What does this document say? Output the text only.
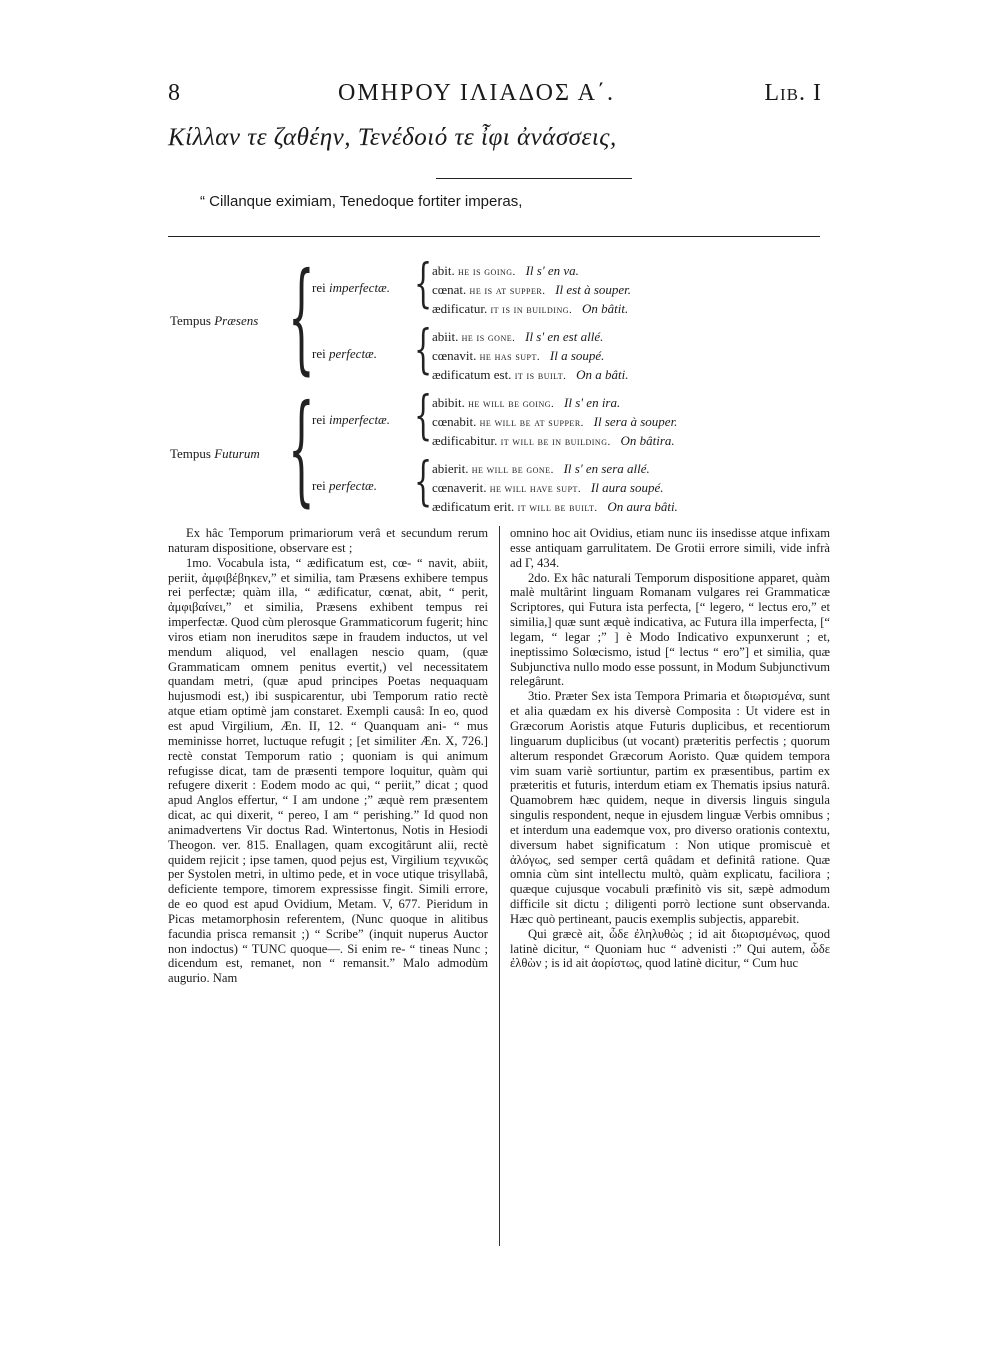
8	ΟΜΗΡΟΥ ΙΛΙΑΔΟΣ Α΄.	Lib. I
Κίλλαν τε ζαθέην, Τενέδοιό τε ἶφι ἀνάσσεις,
“ Cillanque eximiam, Tenedoque fortiter imperas,
Tempus Præsens {
rei imperfectæ. { abit. he is going. Il s' en va.
cœnat. he is at supper. Il est à souper.
ædificatur. it is in building. On bâtit.
rei perfectæ. { abiit. he is gone. Il s' en est allé.
cœnavit. he has supt. Il a soupé.
ædificatum est. it is built. On a bâti.
Tempus Futurum {
rei imperfectæ. { abibit. he will be going. Il s' en ira.
cœnabit. he will be at supper. Il sera à souper.
ædificabitur. it will be in building. On bâtira.
rei perfectæ. { abierit. he will be gone. Il s' en sera allé.
cœnaverit. he will have supt. Il aura soupé.
ædificatum erit. it will be built. On aura bâti.

Ex hâc Temporum primariorum verâ et secundum rerum naturam dispositione, observare est ;

1mo. Vocabula ista, “ ædificatum est, cœ- “ navit, abiit, periit, ἀμφιβέβηκεν,” et similia, tam Præsens exhibere tempus rei perfectæ; quàm illa, “ ædificatur, cœnat, abit, “ perit, ἀμφιβαίνει,” et similia, Præsens exhibent tempus rei imperfectæ. Quod cùm plerosque Grammaticorum fugerit; hinc viros etiam non ineruditos sæpe in fraudem inductos, ut vel mendum aliquod, vel enallagen nescio quam, (quæ Grammaticam omnem penitus evertit,) vel necessitatem quandam metri, (quæ apud principes Poetas nequaquam hujusmodi est,) ibi suspicarentur, ubi Temporum ratio rectè atque etiam optimè jam constaret. Exempli causâ: In eo, quod est apud Virgilium, Æn. II, 12. “ Quanquam ani- “ mus meminisse horret, luctuque refugit ; [et similiter Æn. X, 726.] rectè constat Temporum ratio ; quoniam is qui animum refugisse dicat, tam de præsenti tempore loquitur, quàm qui refugere dixerit : Eodem modo ac qui, “ periit,” dicat ; quod apud Anglos effertur, “ I am undone ;” æquè rem præsentem dicat, ac qui dixerit, “ pereo, I am “ perishing.” Id quod non animadvertens Vir doctus Rad. Wintertonus, Notis in Hesiodi Theogon. ver. 815. Enallagen, quam excogitârunt alii, rectè quidem rejicit ; ipse tamen, quod pejus est, Virgilium τεχνικῶς per Systolen metri, in ultimo pede, et in voce utique trisyllabâ, deficiente tempore, timorem expressisse fingit. Simili errore, de eo quod est apud Ovidium, Metam. V, 677. Pieridum in Picas metamorphosin referentem, (Nunc quoque in alitibus facundia prisca remansit ;) “ Scribe” (inquit nuperus Auctor non indoctus) “ TUNC quoque—. Si enim re- “ tineas Nunc ; dicendum est, remanet, non “ remansit.” Malo admodùm augurio. Nam

omnino hoc ait Ovidius, etiam nunc iis insedisse atque infixam esse antiquam garrulitatem. De Grotii errore simili, vide infrà ad Γ, 434.

2do. Ex hâc naturali Temporum dispositione apparet, quàm malè multârint linguam Romanam vulgares rei Grammaticæ Scriptores, qui Futura ista perfecta, [“ legero, “ lectus ero,” et similia,] quæ sunt æquè indicativa, ac Futura illa imperfecta, [“ legam, “ legar ;” ] è Modo Indicativo expunxerunt ; et, ineptissimo Solœcismo, istud [“ lectus “ ero”] et similia, quæ Subjunctiva nullo modo esse possunt, in Modum Subjunctivum relegârunt.

3tio. Præter Sex ista Tempora Primaria et διωρισμένα, sunt et alia quædam ex his diversè Composita : Ut videre est in Græcorum Aoristis atque Futuris duplicibus, et recentiorum linguarum duplicibus (ut vocant) præteritis perfectis ; quorum alterum respondet Græcorum Aoristo. Quæ quidem tempora vim suam variè sortiuntur, partim ex præsentibus, partim ex præteritis et futuris, interdum etiam ex Thematis ipsius naturâ. Quamobrem hæc quidem, neque in diversis linguis singula singulis respondent, neque in ejusdem linguæ Verbis omnibus ; et interdum una eademque vox, pro diverso orationis contextu, diversum habet significatum : Non utique promiscuè et ἀλόγως, sed semper certâ quâdam et definitâ ratione. Quæ omnia cùm sint intellectu multò, quàm explicatu, faciliora ; quæque cujusque vocabuli præfinitò vis sit, sæpè admodum difficile sit dictu ; diligenti porrò lectione sunt observanda. Hæc quò pertineant, paucis exemplis subjectis, apparebit.

Qui græcè ait, ὧδε ἐληλυθὼς ; id ait διωρισμένως, quod latinè dicitur, “ Quoniam huc “ advenisti :” Qui autem, ὧδε ἐλθὼν ; is id ait ἀορίστως, quod latinè dicitur, “ Cum huc
